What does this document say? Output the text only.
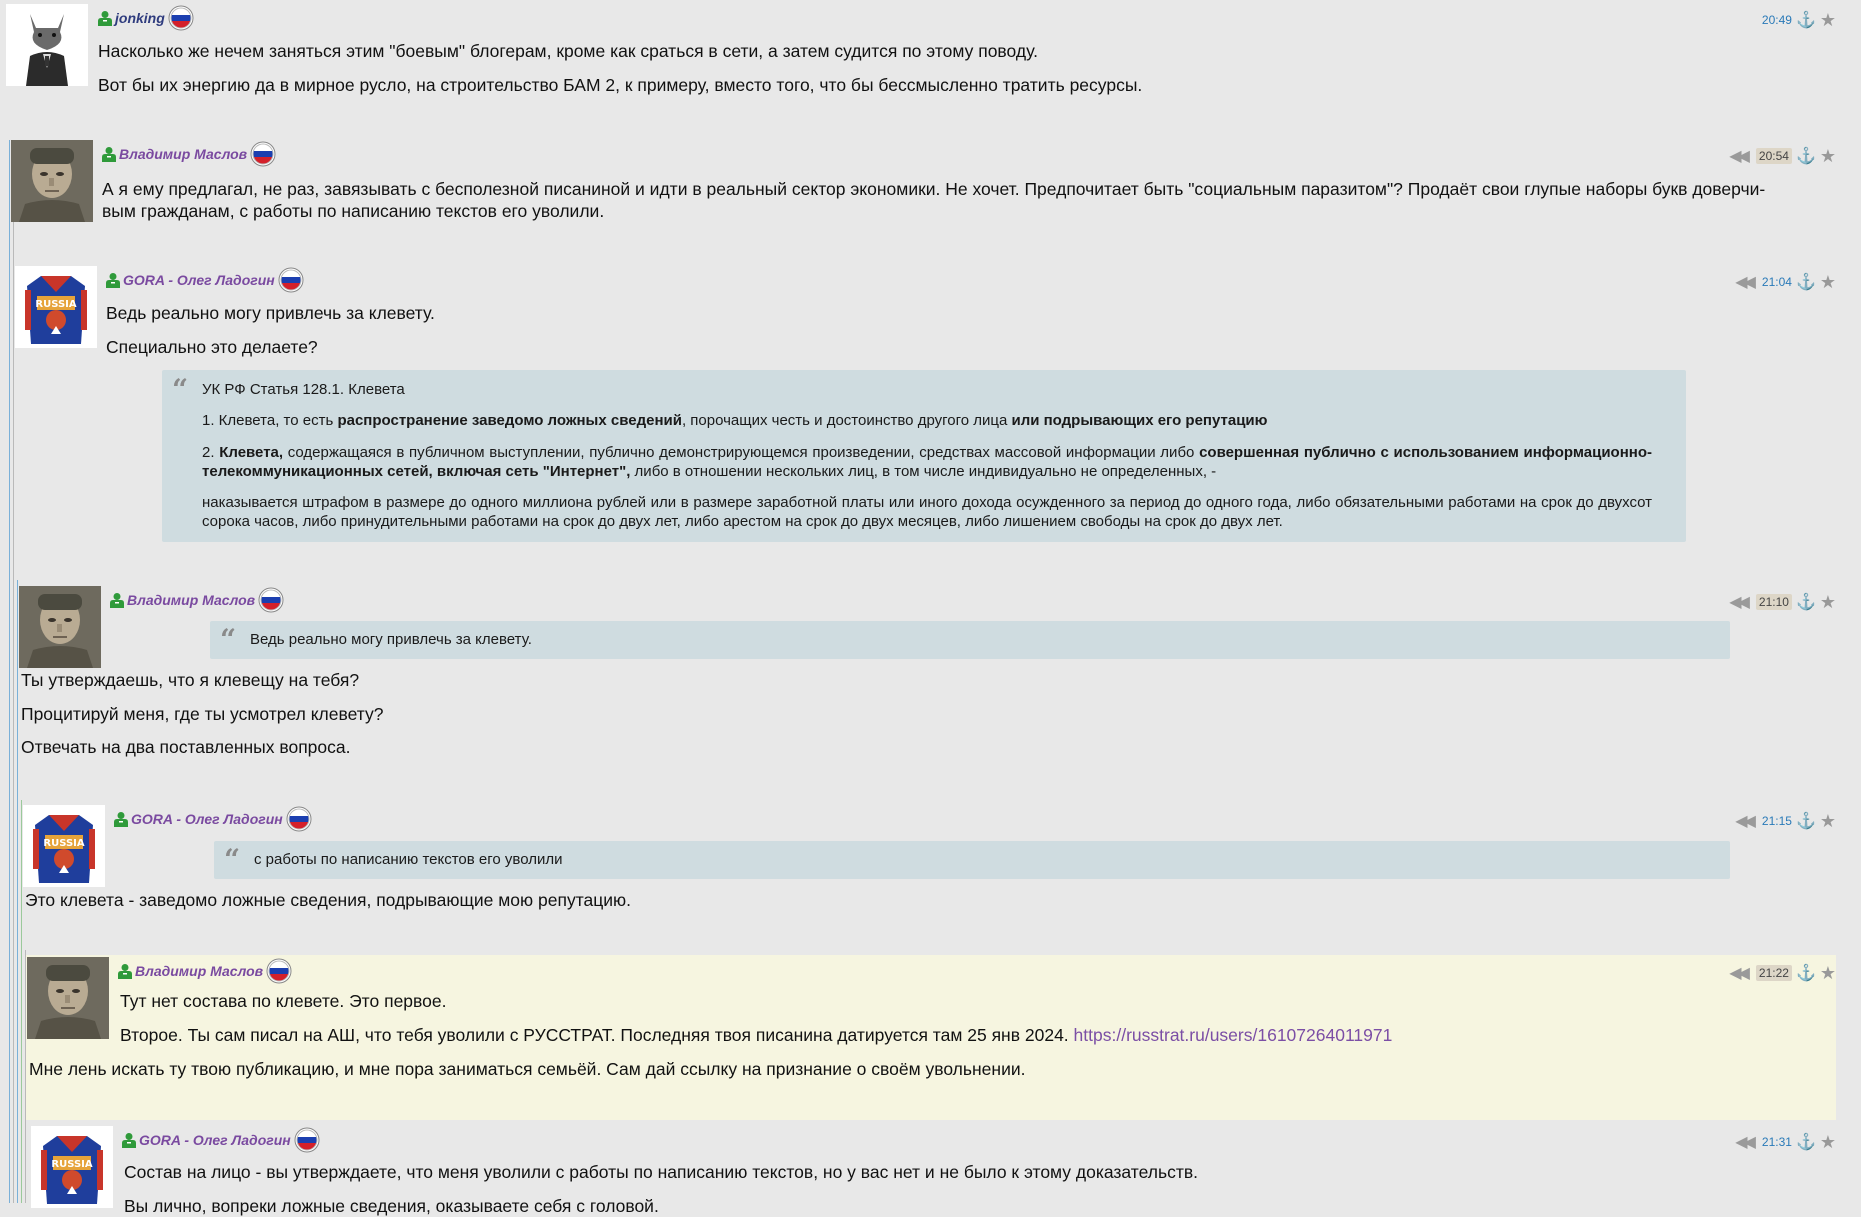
jonking	20:49 ⚓ ★
Насколько же нечем заняться этим "боевым" блогерам, кроме как сраться в сети, а затем судится по этому поводу.
Вот бы их энергию да в мирное русло, на строительство БАМ 2, к примеру, вместо того, что бы бессмысленно тратить ресурсы.
Владимир Маслов	◀◀ 20:54 ⚓ ★
А я ему предлагал, не раз, завязывать с бесполезной писаниной и идти в реальный сектор экономики. Не хочет. Предпочитает быть "социальным паразитом"? Продаёт свои глупые наборы букв доверчи-
вым гражданам, с работы по написанию текстов его уволили.
GORA - Олег Ладогин	◀◀ 21:04 ⚓ ★
Ведь реально могу привлечь за клевету.
Специально это делаете?
“ УК РФ Статья 128.1. Клевета
1. Клевета, то есть распространение заведомо ложных сведений, порочащих честь и достоинство другого лица или подрывающих его репутацию
2. Клевета, содержащаяся в публичном выступлении, публично демонстрирующемся произведении, средствах массовой информации либо совершенная публично с использованием информационно-телекоммуникационных сетей, включая сеть "Интернет", либо в отношении нескольких лиц, в том числе индивидуально не определенных, -
наказывается штрафом в размере до одного миллиона рублей или в размере заработной платы или иного дохода осужденного за период до одного года, либо обязательными работами на срок до двухсот сорока часов, либо принудительными работами на срок до двух лет, либо арестом на срок до двух месяцев, либо лишением свободы на срок до двух лет.
Владимир Маслов	◀◀ 21:10 ⚓ ★
“ Ведь реально могу привлечь за клевету.
Ты утверждаешь, что я клевещу на тебя?
Процитируй меня, где ты усмотрел клевету?
Отвечать на два поставленных вопроса.
GORA - Олег Ладогин	◀◀ 21:15 ⚓ ★
“ с работы по написанию текстов его уволили
Это клевета - заведомо ложные сведения, подрывающие мою репутацию.
Владимир Маслов	◀◀ 21:22 ⚓ ★
Тут нет состава по клевете. Это первое.
Второе. Ты сам писал на АШ, что тебя уволили с РУССТРАТ. Последняя твоя писанина датируется там 25 янв 2024. https://russtrat.ru/users/16107264011971
Мне лень искать ту твою публикацию, и мне пора заниматься семьёй. Сам дай ссылку на признание о своём увольнении.
GORA - Олег Ладогин	◀◀ 21:31 ⚓ ★
Состав на лицо - вы утверждаете, что меня уволили с работы по написанию текстов, но у вас нет и не было к этому доказательств.
Вы лично, вопреки ложные сведения, оказываете себя с головой.
